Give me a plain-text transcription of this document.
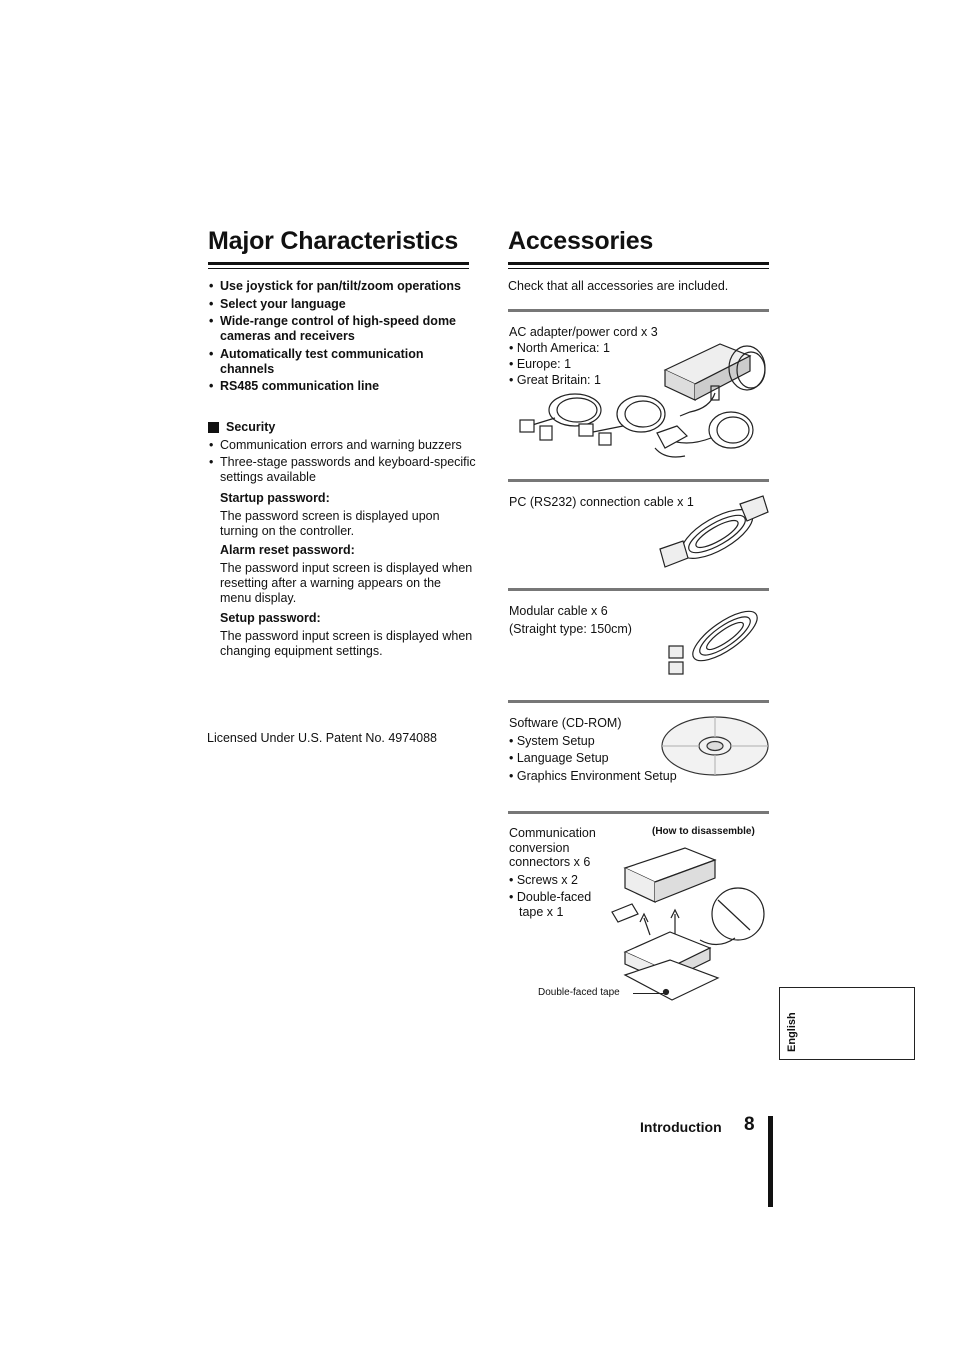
Major Characteristics
• Use joystick for pan/tilt/zoom operations
• Select your language
• Wide-range control of high-speed dome cameras and receivers
• Automatically test communication channels
• RS485 communication line
Security
• Communication errors and warning buzzers
• Three-stage passwords and keyboard-specific settings available
Startup password:
The password screen is displayed upon turning on the controller.
Alarm reset password:
The password input screen is displayed when resetting after a warning appears on the menu display.
Setup password:
The password input screen is displayed when changing equipment settings.
Licensed Under U.S. Patent No. 4974088
Accessories
Check that all accessories are included.
AC adapter/power cord x 3
• North America: 1
• Europe: 1
• Great Britain: 1
PC (RS232) connection cable x 1
Modular cable x 6
(Straight type: 150cm)
Software (CD-ROM)
• System Setup
• Language Setup
• Graphics Environment Setup
Communication
conversion
connectors x 6
• Screws x 2
• Double-faced
tape x 1
(How to disassemble)
Double-faced tape
English
Introduction 8
